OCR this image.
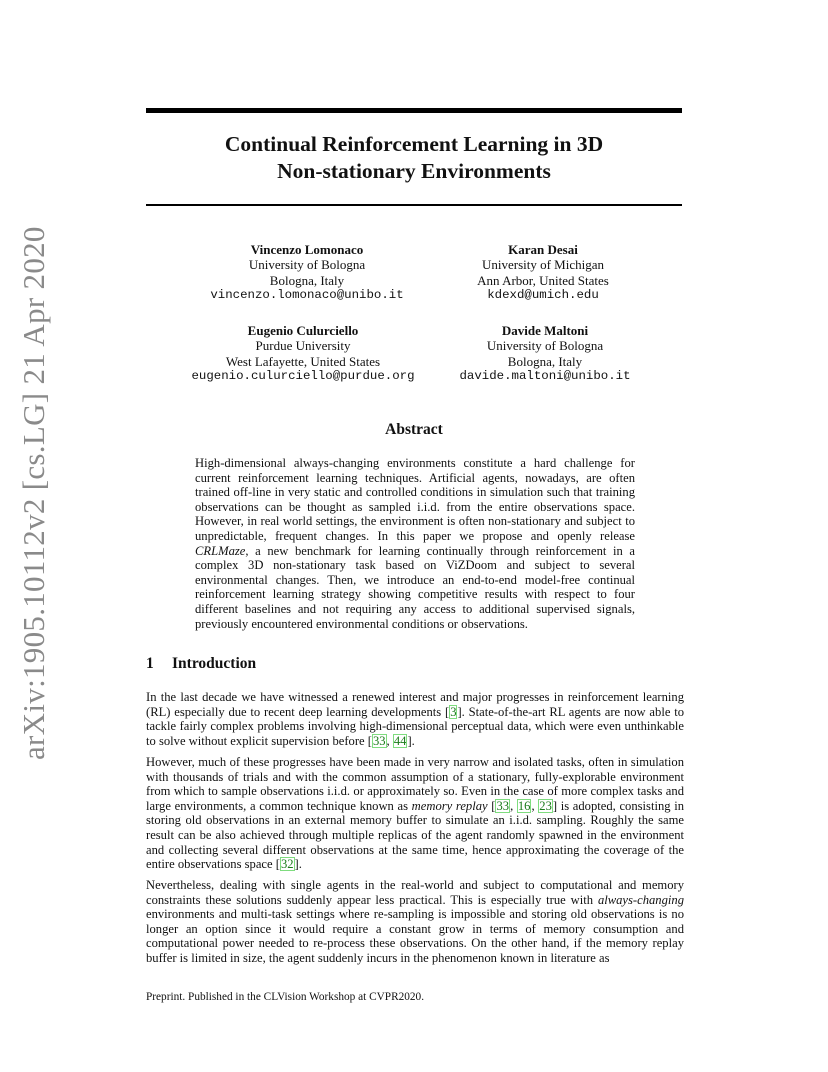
arXiv:1905.10112v2 [cs.LG] 21 Apr 2020
Continual Reinforcement Learning in 3D
Non-stationary Environments
Vincenzo Lomonaco
University of Bologna
Bologna, Italy
vincenzo.lomonaco@unibo.it
Karan Desai
University of Michigan
Ann Arbor, United States
kdexd@umich.edu
Eugenio Culurciello
Purdue University
West Lafayette, United States
eugenio.culurciello@purdue.org
Davide Maltoni
University of Bologna
Bologna, Italy
davide.maltoni@unibo.it
Abstract

High-dimensional always-changing environments constitute a hard challenge for current reinforcement learning techniques. Artificial agents, nowadays, are often trained off-line in very static and controlled conditions in simulation such that training observations can be thought as sampled i.i.d. from the entire observations space. However, in real world settings, the environment is often non-stationary and subject to unpredictable, frequent changes. In this paper we propose and openly release CRLMaze, a new benchmark for learning continually through reinforcement in a complex 3D non-stationary task based on ViZDoom and subject to several environmental changes. Then, we introduce an end-to-end model-free continual reinforcement learning strategy showing competitive results with respect to four different baselines and not requiring any access to additional supervised signals, previously encountered environmental conditions or observations.

1 Introduction

In the last decade we have witnessed a renewed interest and major progresses in reinforcement learning (RL) especially due to recent deep learning developments [3]. State-of-the-art RL agents are now able to tackle fairly complex problems involving high-dimensional perceptual data, which were even unthinkable to solve without explicit supervision before [33, 44].

However, much of these progresses have been made in very narrow and isolated tasks, often in simulation with thousands of trials and with the common assumption of a stationary, fully-explorable environment from which to sample observations i.i.d. or approximately so. Even in the case of more complex tasks and large environments, a common technique known as memory replay [33, 16, 23] is adopted, consisting in storing old observations in an external memory buffer to simulate an i.i.d. sampling. Roughly the same result can be also achieved through multiple replicas of the agent randomly spawned in the environment and collecting several different observations at the same time, hence approximating the coverage of the entire observations space [32].

Nevertheless, dealing with single agents in the real-world and subject to computational and memory constraints these solutions suddenly appear less practical. This is especially true with always-changing environments and multi-task settings where re-sampling is impossible and storing old observations is no longer an option since it would require a constant grow in terms of memory consumption and computational power needed to re-process these observations. On the other hand, if the memory replay buffer is limited in size, the agent suddenly incurs in the phenomenon known in literature as

Preprint. Published in the CLVision Workshop at CVPR2020.
